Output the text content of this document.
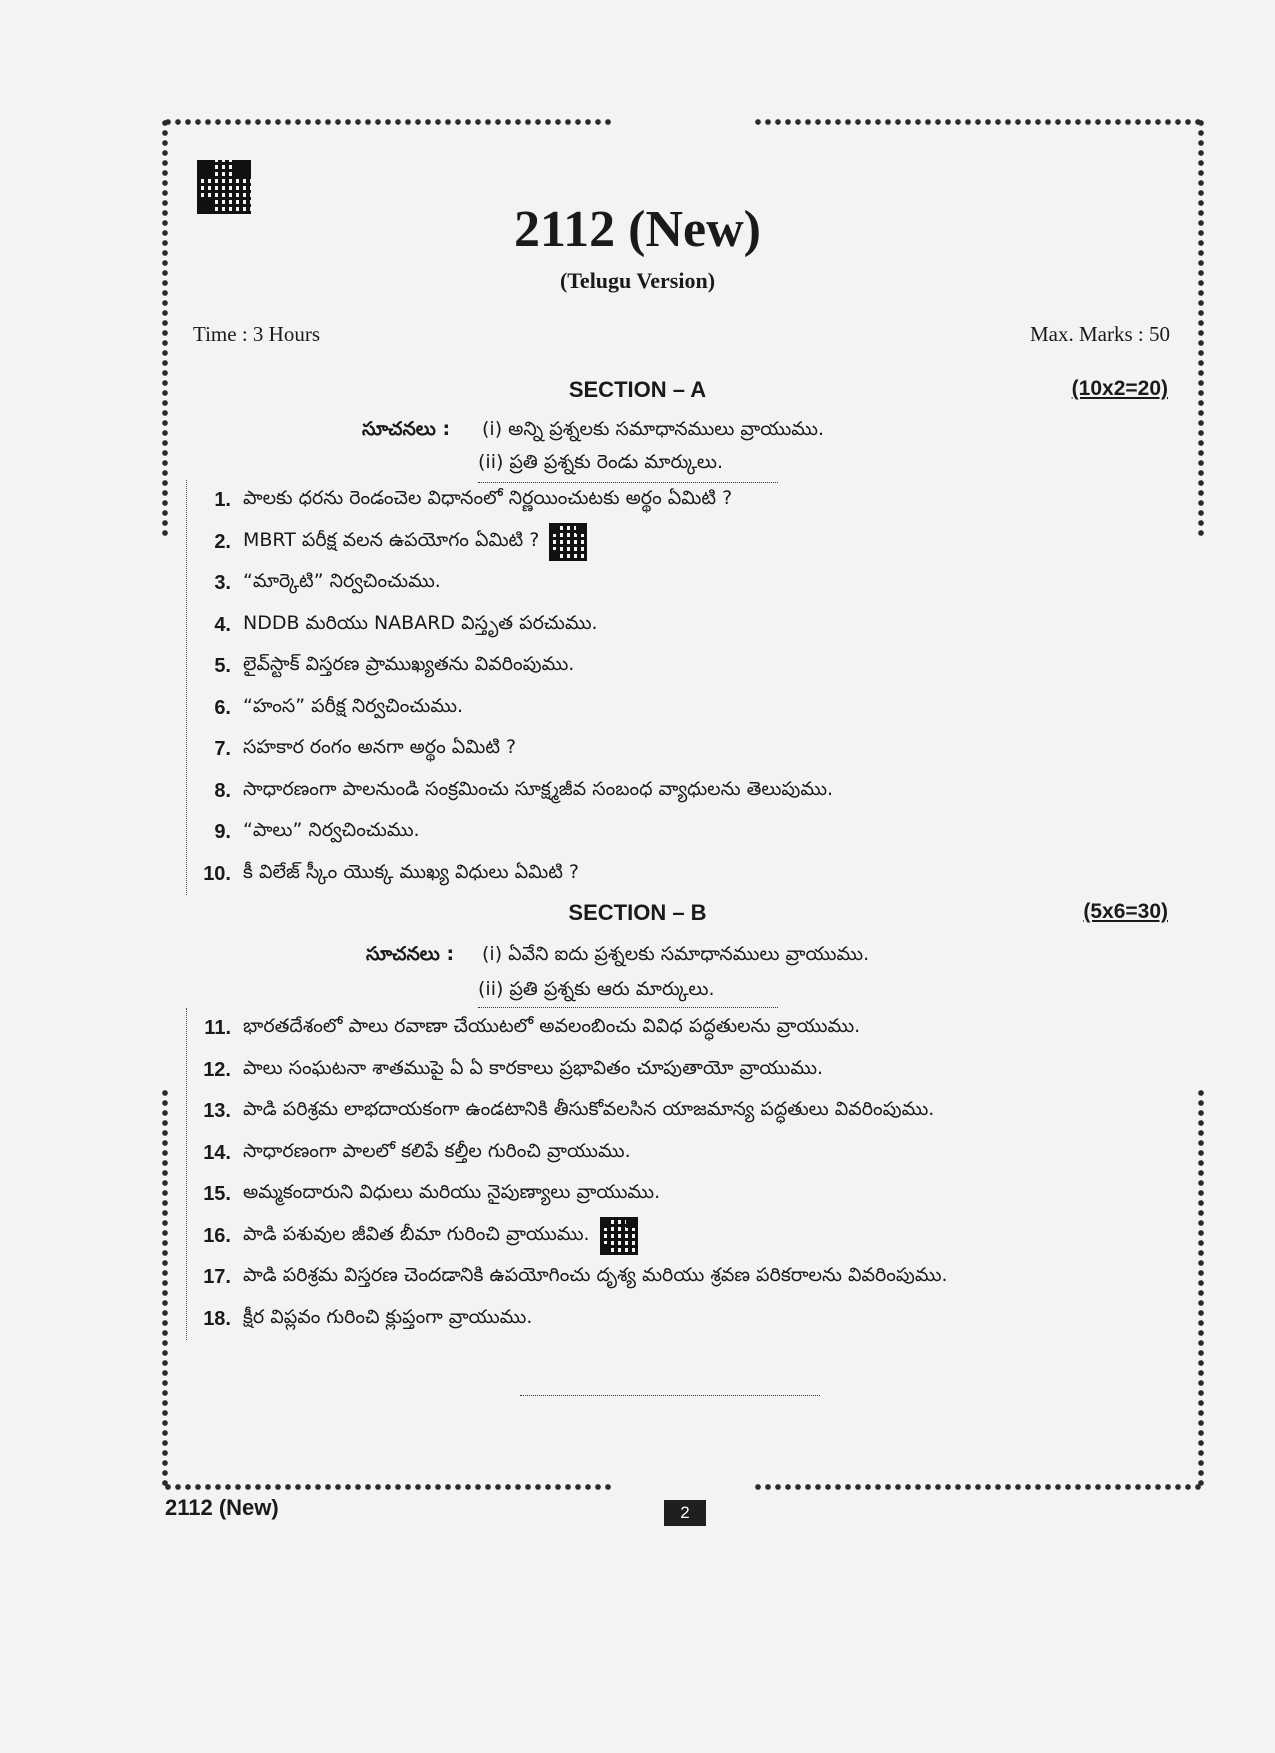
2112 (New)
(Telugu Version)
Time : 3 Hours	Max. Marks : 50
SECTION – A	(10x2=20)
సూచనలు : (i) అన్ని ప్రశ్నలకు సమాధానములు వ్రాయుము.
(ii) ప్రతి ప్రశ్నకు రెండు మార్కులు.
1. పాలకు ధరను రెండంచెల విధానంలో నిర్ణయించుటకు అర్థం ఏమిటి ?
2. MBRT పరీక్ష వలన ఉపయోగం ఏమిటి ?
3. “మార్కెటి” నిర్వచించుము.
4. NDDB మరియు NABARD విస్తృత పరచుము.
5. లైవ్‌స్టాక్ విస్తరణ ప్రాముఖ్యతను వివరింపుము.
6. “హంస” పరీక్ష నిర్వచించుము.
7. సహకార రంగం అనగా అర్థం ఏమిటి ?
8. సాధారణంగా పాలనుండి సంక్రమించు సూక్ష్మజీవ సంబంధ వ్యాధులను తెలుపుము.
9. “పాలు” నిర్వచించుము.
10. కీ విలేజ్ స్కీం యొక్క ముఖ్య విధులు ఏమిటి ?
SECTION – B	(5x6=30)
సూచనలు : (i) ఏవేని ఐదు ప్రశ్నలకు సమాధానములు వ్రాయుము.
(ii) ప్రతి ప్రశ్నకు ఆరు మార్కులు.
11. భారతదేశంలో పాలు రవాణా చేయుటలో అవలంబించు వివిధ పద్ధతులను వ్రాయుము.
12. పాలు సంఘటనా శాతముపై ఏ ఏ కారకాలు ప్రభావితం చూపుతాయో వ్రాయుము.
13. పాడి పరిశ్రమ లాభదాయకంగా ఉండటానికి తీసుకోవలసిన యాజమాన్య పద్ధతులు వివరింపుము.
14. సాధారణంగా పాలలో కలిపే కల్తీల గురించి వ్రాయుము.
15. అమ్మకందారుని విధులు మరియు నైపుణ్యాలు వ్రాయుము.
16. పాడి పశువుల జీవిత బీమా గురించి వ్రాయుము.
17. పాడి పరిశ్రమ విస్తరణ చెందడానికి ఉపయోగించు దృశ్య మరియు శ్రవణ పరికరాలను వివరింపుము.
18. క్షీర విప్లవం గురించి క్లుప్తంగా వ్రాయుము.
2112 (New)	2
